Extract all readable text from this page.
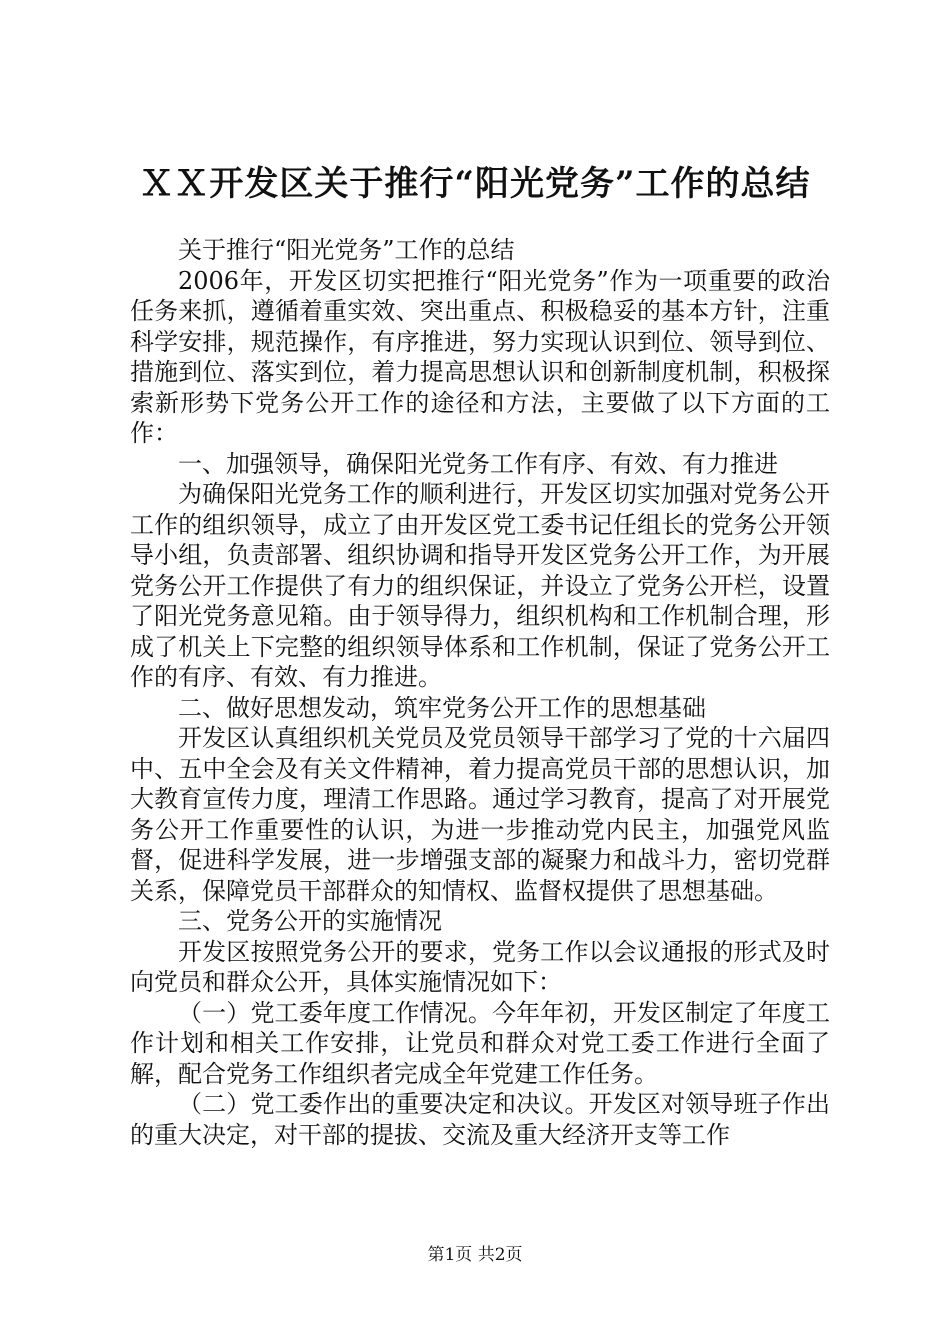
ＸＸ开发区关于推行“阳光党务”工作的总结

关于推行“阳光党务”工作的总结

2006年，开发区切实把推行“阳光党务”作为一项重要的政治任务来抓，遵循着重实效、突出重点、积极稳妥的基本方针，注重科学安排，规范操作，有序推进，努力实现认识到位、领导到位、措施到位、落实到位，着力提高思想认识和创新制度机制，积极探索新形势下党务公开工作的途径和方法，主要做了以下方面的工作：

一、加强领导，确保阳光党务工作有序、有效、有力推进

为确保阳光党务工作的顺利进行，开发区切实加强对党务公开工作的组织领导，成立了由开发区党工委书记任组长的党务公开领导小组，负责部署、组织协调和指导开发区党务公开工作，为开展党务公开工作提供了有力的组织保证，并设立了党务公开栏，设置了阳光党务意见箱。由于领导得力，组织机构和工作机制合理，形成了机关上下完整的组织领导体系和工作机制，保证了党务公开工作的有序、有效、有力推进。

二、做好思想发动，筑牢党务公开工作的思想基础

开发区认真组织机关党员及党员领导干部学习了党的十六届四中、五中全会及有关文件精神，着力提高党员干部的思想认识，加大教育宣传力度，理清工作思路。通过学习教育，提高了对开展党务公开工作重要性的认识，为进一步推动党内民主，加强党风监督，促进科学发展，进一步增强支部的凝聚力和战斗力，密切党群关系，保障党员干部群众的知情权、监督权提供了思想基础。

三、党务公开的实施情况

开发区按照党务公开的要求，党务工作以会议通报的形式及时向党员和群众公开，具体实施情况如下：

（一）党工委年度工作情况。今年年初，开发区制定了年度工作计划和相关工作安排，让党员和群众对党工委工作进行全面了解，配合党务工作组织者完成全年党建工作任务。

（二）党工委作出的重要决定和决议。开发区对领导班子作出的重大决定，对干部的提拔、交流及重大经济开支等工作

第1页 共2页
